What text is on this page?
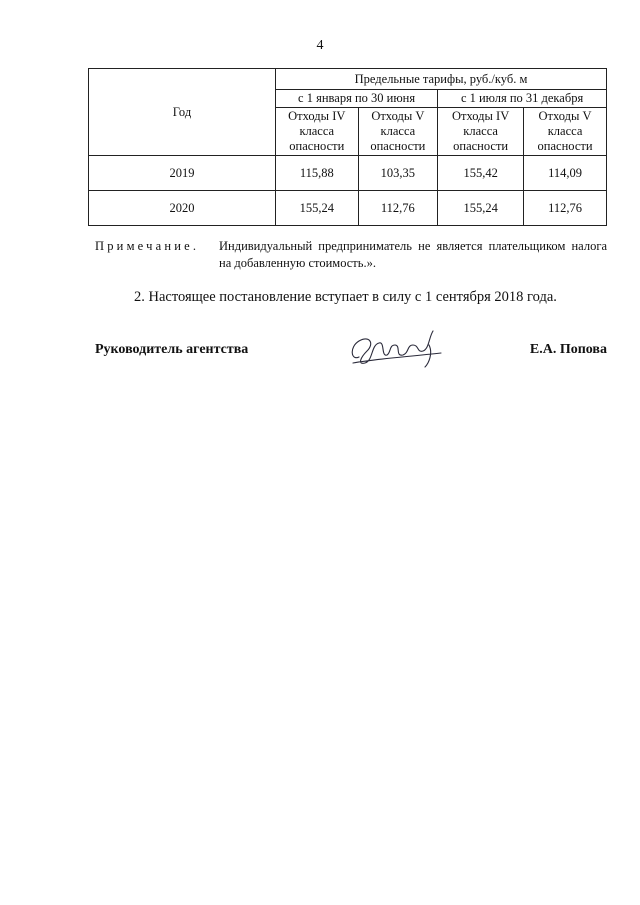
4
Год	Предельные тарифы, руб./куб. м			
	с 1 января по 30 июня		с 1 июля по 31 декабря	
	Отходы IV
класса
опасности	Отходы V
класса
опасности	Отходы IV
класса
опасности	Отходы V
класса
опасности
2019	115,88	103,35	155,42	114,09
2020	155,24	112,76	155,24	112,76
Примечание. Индивидуальный предприниматель не является плательщиком налога на добавленную стоимость.».
2. Настоящее постановление вступает в силу с 1 сентября 2018 года.
Руководитель агентства	Е.А. Попова
